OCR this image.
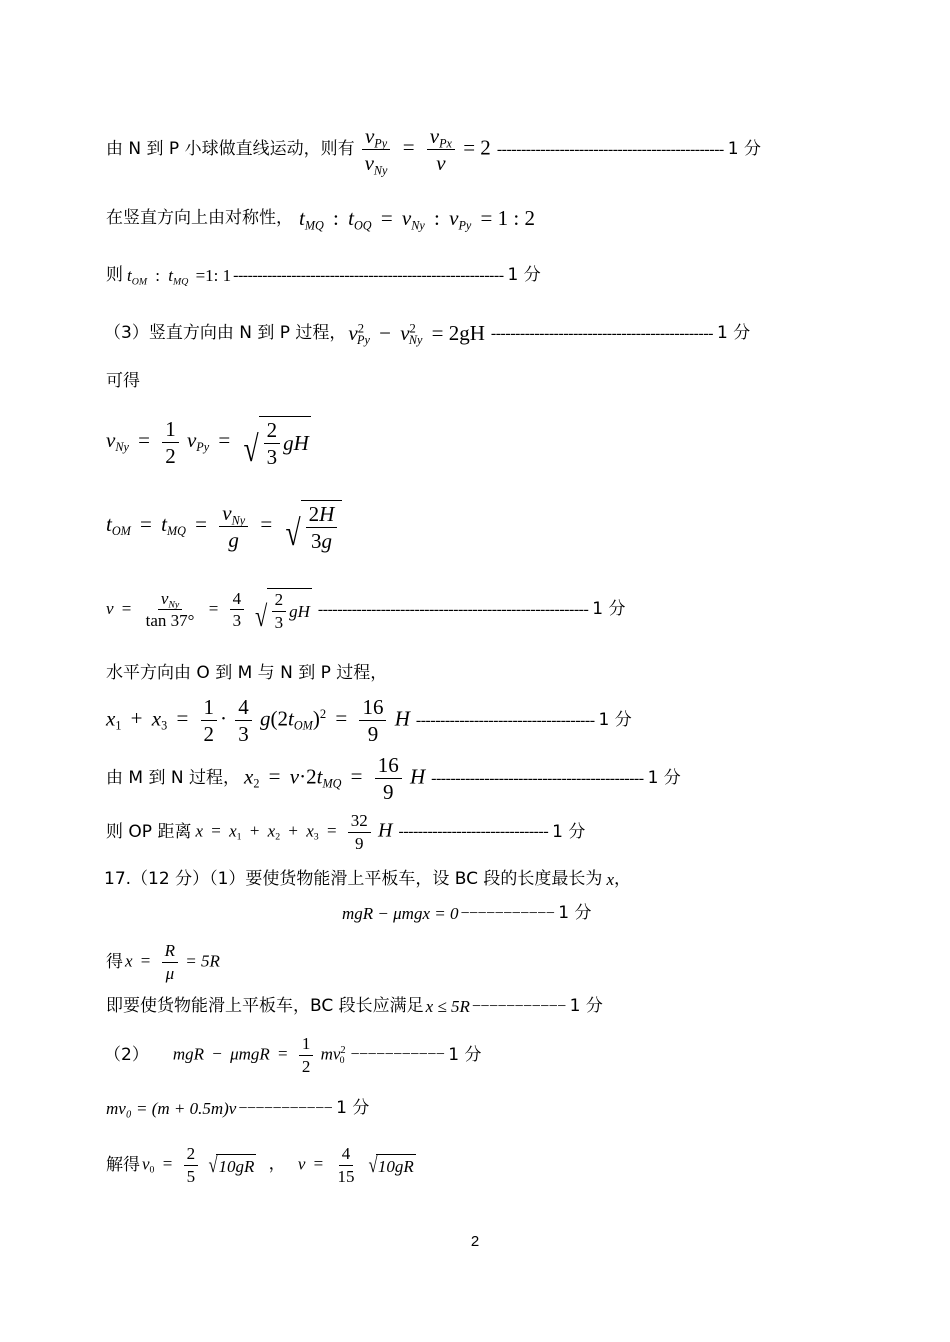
由 N 到 P 小球做直线运动，则有 $\frac{v_{Py}}{v_{Ny}} = \frac{v_{Px}}{v} = 2$ ----------------------------------------------- 1 分
在竖直方向上由对称性， $t_{MQ}$ : $t_{OQ} = v_{Ny}$ : $v_{Py} = 1$ : 2
则 $t_{OM}$ : $t_{MQ} =1$: 1 -------------------------------------------------------- 1 分
（3）竖直方向由 N 到 P 过程， $v^2_{Py} - v^2_{Ny} = 2gH$ ---------------------------------------------- 1 分
可得
$v_{Ny} = \frac{1}{2} v_{Py}$ = √ $\frac{2}{3}$ gH
$t_{OM} = t_{MQ} = \frac{v_{Ny}}{g}$ = √ $\frac{2H}{3g}$
$v = \frac{v_{Ny}}{\tan 37^\circ} = \frac{4}{3}$
√ $\frac{2}{3}$ gH -------------------------------------------------------- 1 分
水平方向由 O 到 M 与 N 到 P 过程，
$x_1 + x_3 = \frac{1}{2} \cdot \frac{4}{3} g(2t_{OM})^2 = \frac{16}{9}$ H ------------------------------------- 1 分
由 M 到 N 过程， $x_2 = v\cdot 2t_{MQ} = \frac{16}{9}$ H -------------------------------------------- 1 分
则 OP 距离 $x = x_1 + x_2 + x_3 = \frac{32}{9}$ H ------------------------------- 1 分
17.（12 分）（1）要使货物能滑上平板车，设 BC 段的长度最长为 x ，
mgR − μmgx = 0 −−−−−−−−−−− 1 分
得 $x = \frac{R}{\mu} = 5R$
即要使货物能滑上平板车，BC 段长应满足 x ≤ 5R −−−−−−−−−−− 1 分
（2） mgR − $\mu mgR = \frac{1}{2} mv^2_0$ −−−−−−−−−−− 1 分
mv₀ = (m + 0.5m)v −−−−−−−−−−− 1 分
解得 $v_0 = \frac{2}{5}$
√ 10gR ， $v = \frac{4}{15}$
√ 10gR
2
